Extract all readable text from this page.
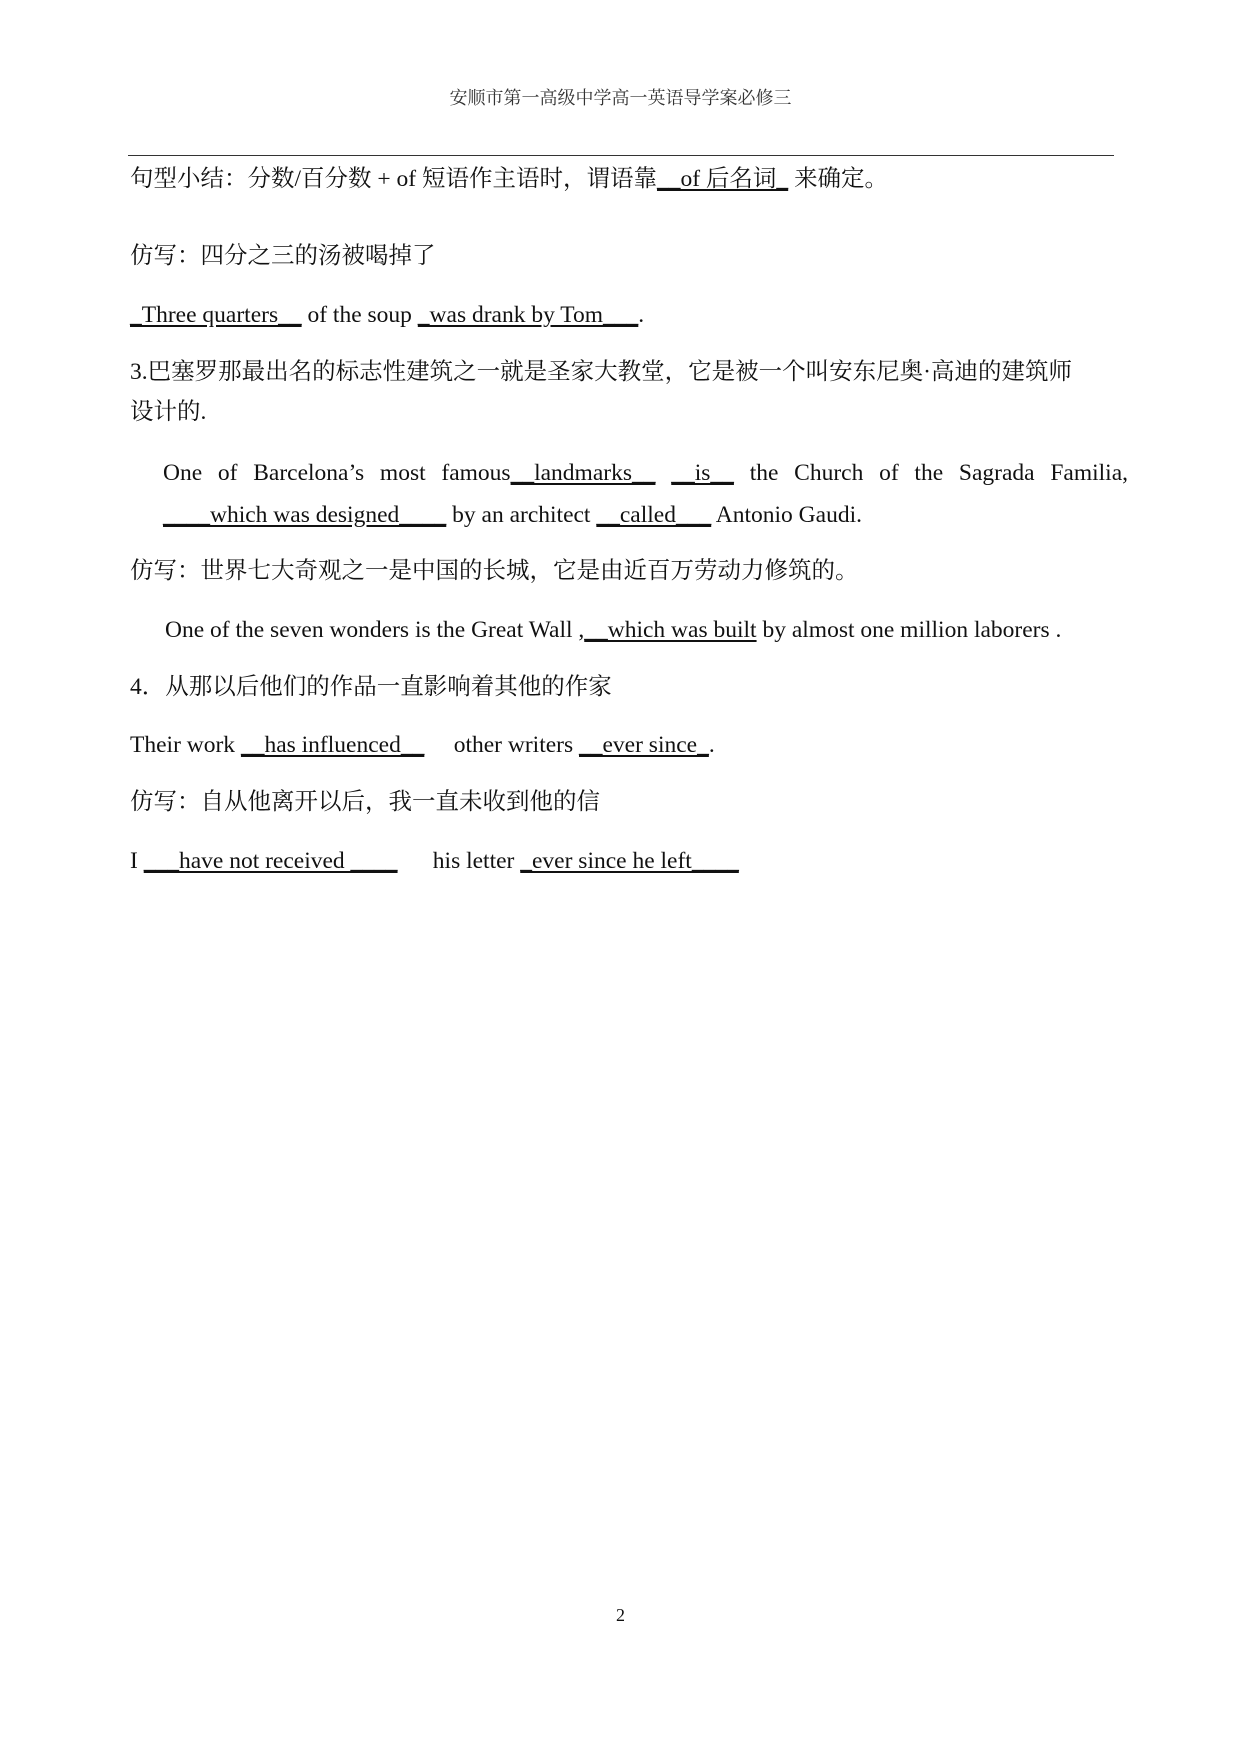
安顺市第一高级中学高一英语导学案必修三
句型小结：分数/百分数 + of 短语作主语时，谓语靠__of 后名词_ 来确定。
仿写：四分之三的汤被喝掉了
_Three quarters__ of the soup _was drank by Tom___.
3.巴塞罗那最出名的标志性建筑之一就是圣家大教堂，它是被一个叫安东尼奥·高迪的建筑师
设计的.
One of Barcelona’s most famous__landmarks__ __is__ the Church of the Sagrada Familia,
____which was designed____ by an architect __called___ Antonio Gaudi.
仿写：世界七大奇观之一是中国的长城，它是由近百万劳动力修筑的。
One of the seven wonders is the Great Wall ,__which was built by almost one million laborers .
4．从那以后他们的作品一直影响着其他的作家
Their work __has influenced__     other writers __ever since_.
仿写：自从他离开以后，我一直未收到他的信
I ___have not received ____      his letter _ever since he left____
2
